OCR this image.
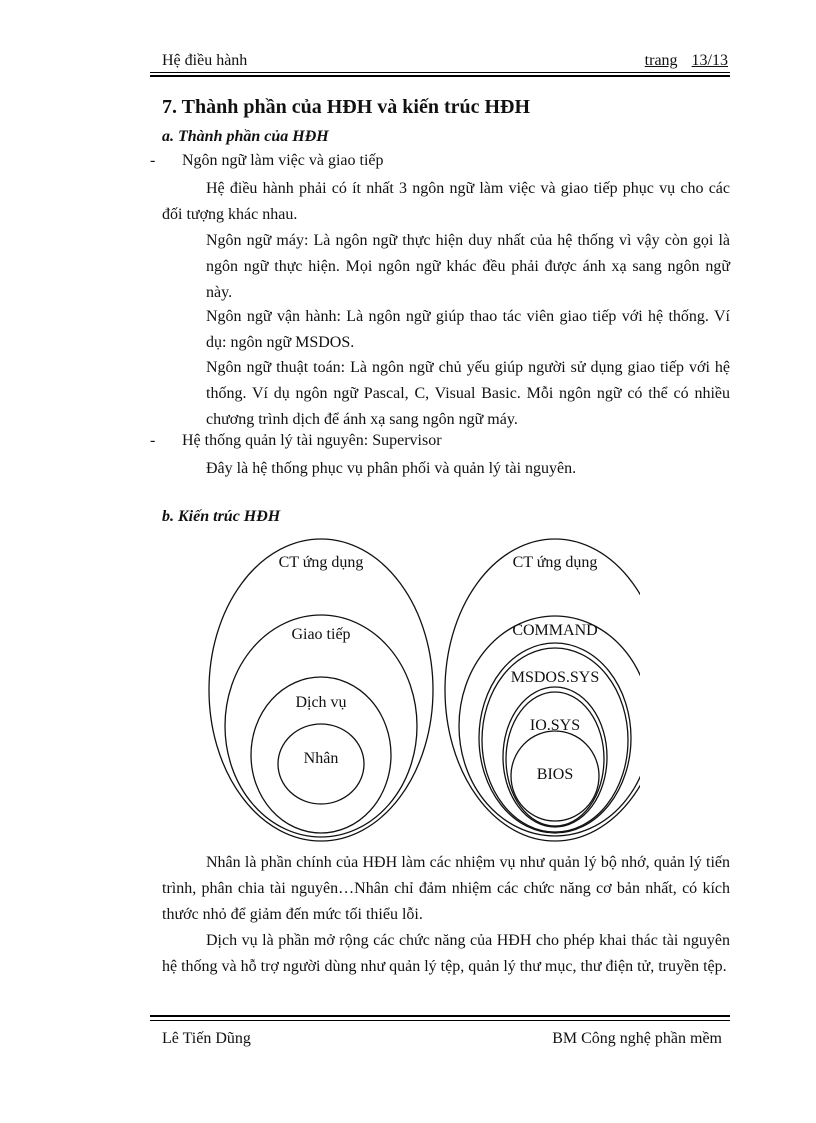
Hệ điều hành	trang 13/13
7. Thành phần của HĐH và kiến trúc HĐH

a. Thành phần của HĐH

- Ngôn ngữ làm việc và giao tiếp

Hệ điều hành phải có ít nhất 3 ngôn ngữ làm việc và giao tiếp phục vụ cho các đối tượng khác nhau.

Ngôn ngữ máy: Là ngôn ngữ thực hiện duy nhất của hệ thống vì vậy còn gọi là ngôn ngữ thực hiện. Mọi ngôn ngữ khác đều phải được ánh xạ sang ngôn ngữ này.

Ngôn ngữ vận hành: Là ngôn ngữ giúp thao tác viên giao tiếp với hệ thống. Ví dụ: ngôn ngữ MSDOS.

Ngôn ngữ thuật toán: Là ngôn ngữ chủ yếu giúp người sử dụng giao tiếp với hệ thống. Ví dụ ngôn ngữ Pascal, C, Visual Basic. Mỗi ngôn ngữ có thể có nhiều chương trình dịch để ánh xạ sang ngôn ngữ máy.

- Hệ thống quản lý tài nguyên: Supervisor

Đây là hệ thống phục vụ phân phối và quản lý tài nguyên.

b. Kiến trúc HĐH

CT ứng dụng
Giao tiếp
Dịch vụ
Nhân
CT ứng dụng
COMMAND
MSDOS.SYS
IO.SYS
BIOS

Nhân là phần chính của HĐH làm các nhiệm vụ như quản lý bộ nhớ, quản lý tiến trình, phân chia tài nguyên…Nhân chỉ đảm nhiệm các chức năng cơ bản nhất, có kích thước nhỏ để giảm đến mức tối thiểu lỗi.

Dịch vụ là phần mở rộng các chức năng của HĐH cho phép khai thác tài nguyên hệ thống và hỗ trợ người dùng như quản lý tệp, quản lý thư mục, thư điện tử, truyền tệp.

Lê Tiến Dũng	BM Công nghệ phần mềm
